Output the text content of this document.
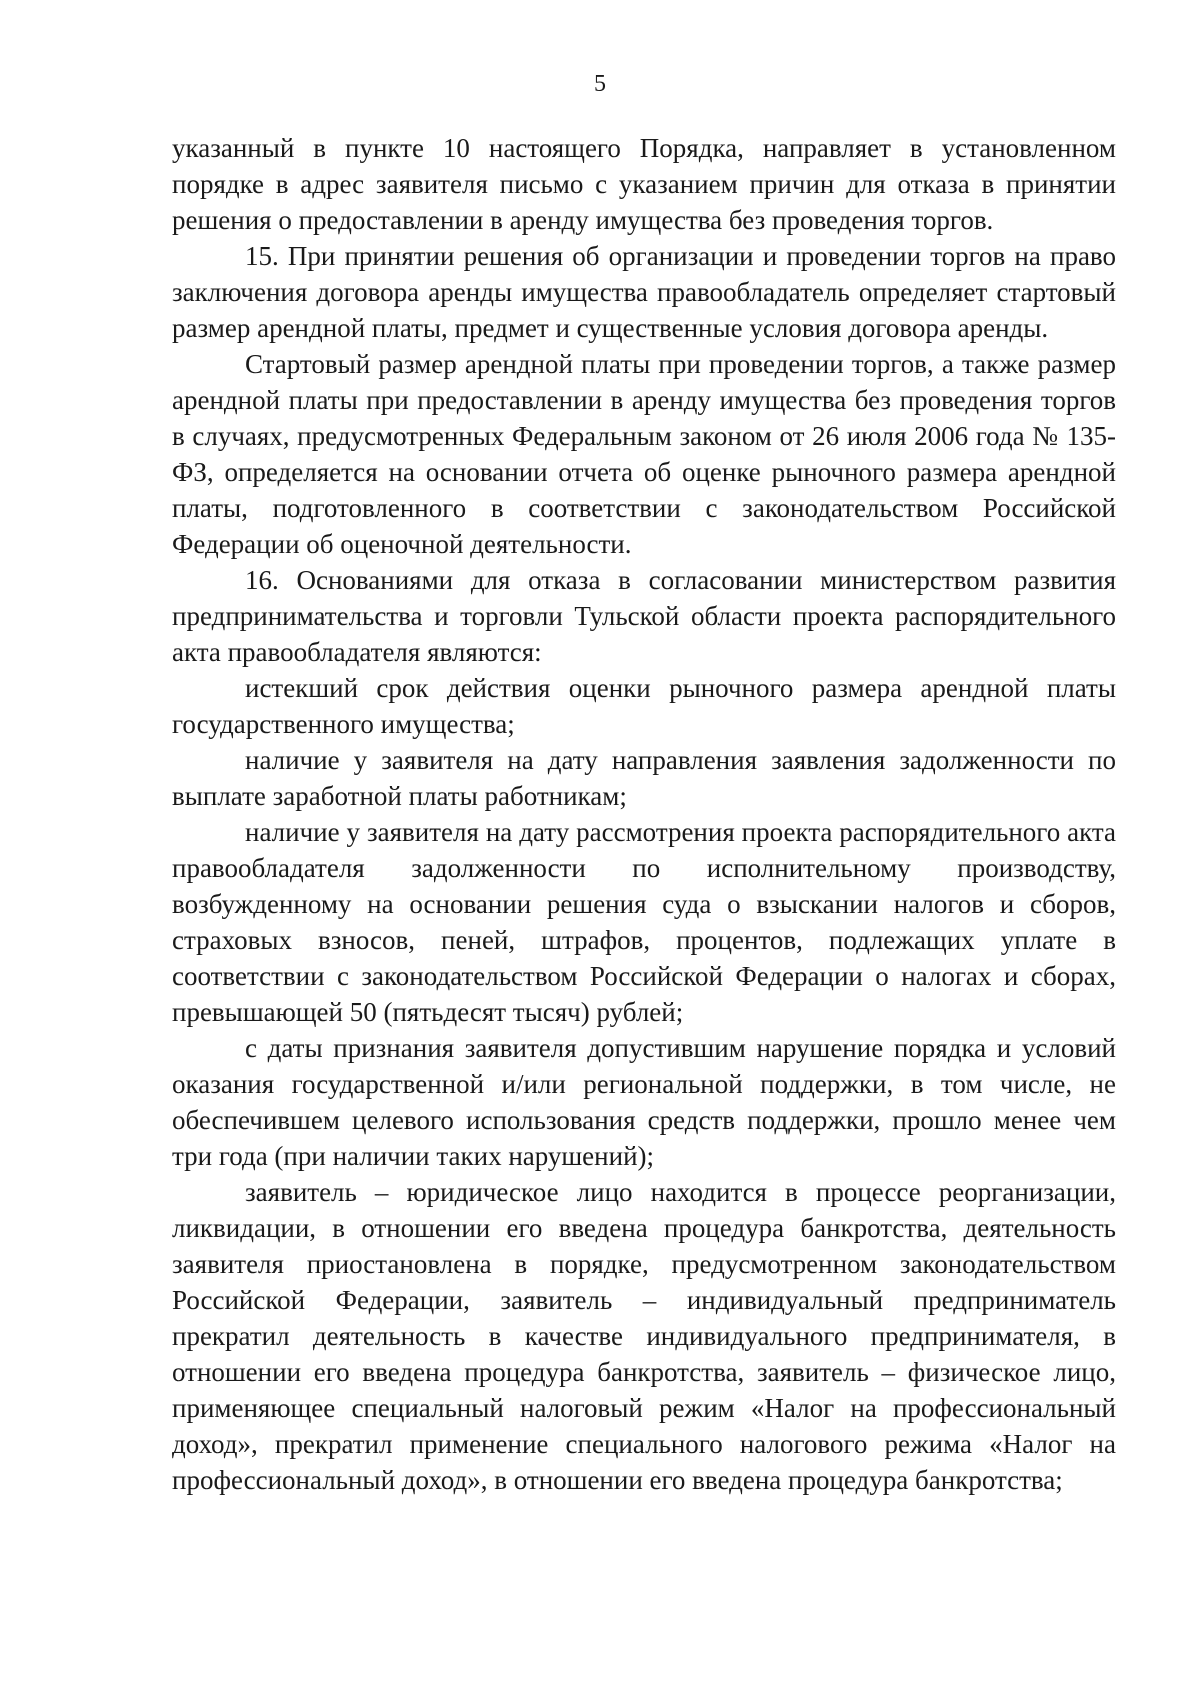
5

указанный в пункте 10 настоящего Порядка, направляет в установленном порядке в адрес заявителя письмо с указанием причин для отказа в принятии решения о предоставлении в аренду имущества без проведения торгов.

15. При принятии решения об организации и проведении торгов на право заключения договора аренды имущества правообладатель определяет стартовый размер арендной платы, предмет и существенные условия договора аренды.

Стартовый размер арендной платы при проведении торгов, а также размер арендной платы при предоставлении в аренду имущества без проведения торгов в случаях, предусмотренных Федеральным законом от 26 июля 2006 года № 135-ФЗ, определяется на основании отчета об оценке рыночного размера арендной платы, подготовленного в соответствии с законодательством Российской Федерации об оценочной деятельности.

16. Основаниями для отказа в согласовании министерством развития предпринимательства и торговли Тульской области проекта распорядительного акта правообладателя являются:

истекший срок действия оценки рыночного размера арендной платы государственного имущества;

наличие у заявителя на дату направления заявления задолженности по выплате заработной платы работникам;

наличие у заявителя на дату рассмотрения проекта распорядительного акта правообладателя задолженности по исполнительному производству, возбужденному на основании решения суда о взыскании налогов и сборов, страховых взносов, пеней, штрафов, процентов, подлежащих уплате в соответствии с законодательством Российской Федерации о налогах и сборах, превышающей 50 (пятьдесят тысяч) рублей;

с даты признания заявителя допустившим нарушение порядка и условий оказания государственной и/или региональной поддержки, в том числе, не обеспечившем целевого использования средств поддержки, прошло менее чем три года (при наличии таких нарушений);

заявитель – юридическое лицо находится в процессе реорганизации, ликвидации, в отношении его введена процедура банкротства, деятельность заявителя приостановлена в порядке, предусмотренном законодательством Российской Федерации, заявитель – индивидуальный предприниматель прекратил деятельность в качестве индивидуального предпринимателя, в отношении его введена процедура банкротства, заявитель – физическое лицо, применяющее специальный налоговый режим «Налог на профессиональный доход», прекратил применение специального налогового режима «Налог на профессиональный доход», в отношении его введена процедура банкротства;
